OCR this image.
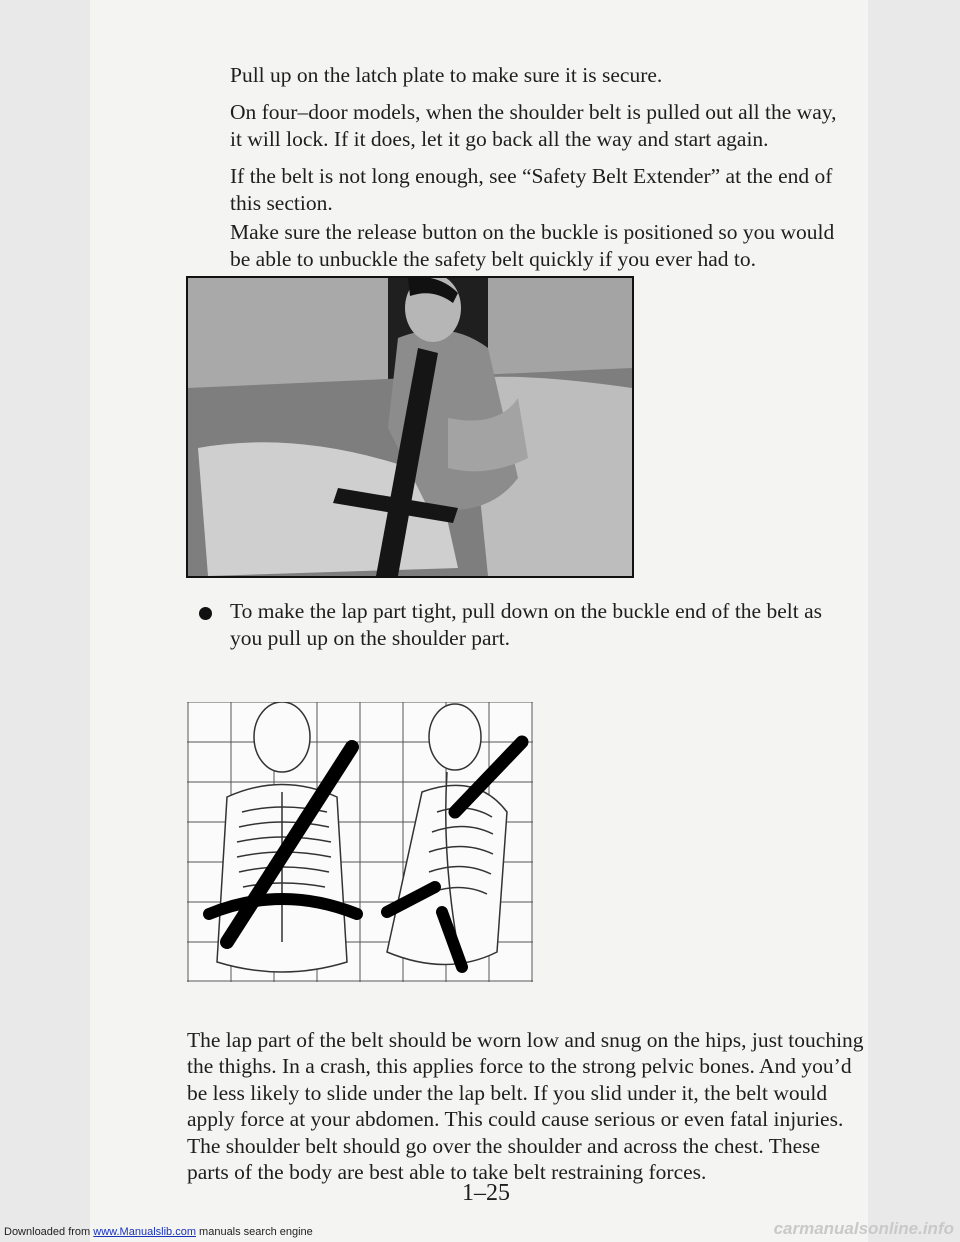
Pull up on the latch plate to make sure it is secure.

On four–door models, when the shoulder belt is pulled out all the way, it will lock. If it does, let it go back all the way and start again.

If the belt is not long enough, see “Safety Belt Extender” at the end of this section.

Make sure the release button on the buckle is positioned so you would be able to unbuckle the safety belt quickly if you ever had to.

To make the lap part tight, pull down on the buckle end of the belt as you pull up on the shoulder part.

The lap part of the belt should be worn low and snug on the hips, just touching the thighs. In a crash, this applies force to the strong pelvic bones. And you’d be less likely to slide under the lap belt. If you slid under it, the belt would apply force at your abdomen. This could cause serious or even fatal injuries. The shoulder belt should go over the shoulder and across the chest. These parts of the body are best able to take belt restraining forces.

1–25
Downloaded from www.Manualslib.com manuals search engine	carmanualsonline.info
